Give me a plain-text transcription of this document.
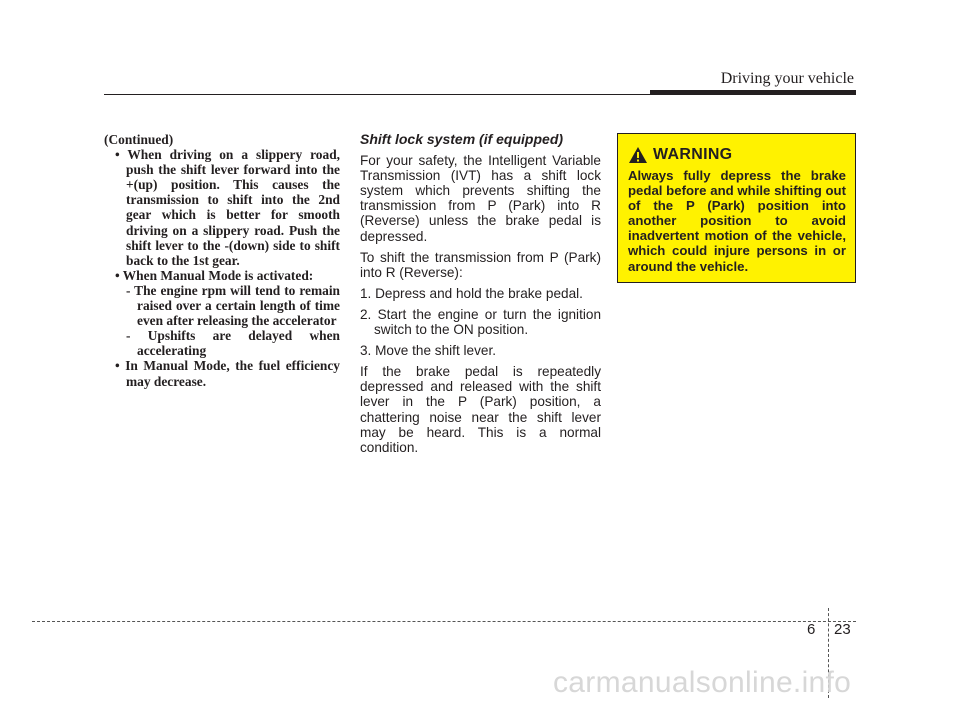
Driving your vehicle

(Continued)

• When driving on a slippery road, push the shift lever forward into the +(up) position. This causes the transmission to shift into the 2nd gear which is better for smooth driving on a slippery road. Push the shift lever to the -(down) side to shift back to the 1st gear.

• When Manual Mode is activated:

- The engine rpm will tend to remain raised over a certain length of time even after releasing the accelerator

- Upshifts are delayed when accelerating

• In Manual Mode, the fuel efficiency may decrease.

Shift lock system (if equipped)

For your safety, the Intelligent Variable Transmission (IVT) has a shift lock system which prevents shifting the transmission from P (Park) into R (Reverse) unless the brake pedal is depressed.

To shift the transmission from P (Park) into R (Reverse):

1. Depress and hold the brake pedal.

2. Start the engine or turn the ignition switch to the ON position.

3. Move the shift lever.

If the brake pedal is repeatedly depressed and released with the shift lever in the P (Park) position, a chattering noise near the shift lever may be heard. This is a normal condition.

WARNING

Always fully depress the brake pedal before and while shifting out of the P (Park) position into another position to avoid inadvertent motion of the vehicle, which could injure persons in or around the vehicle.

6 23
carmanualsonline.info
